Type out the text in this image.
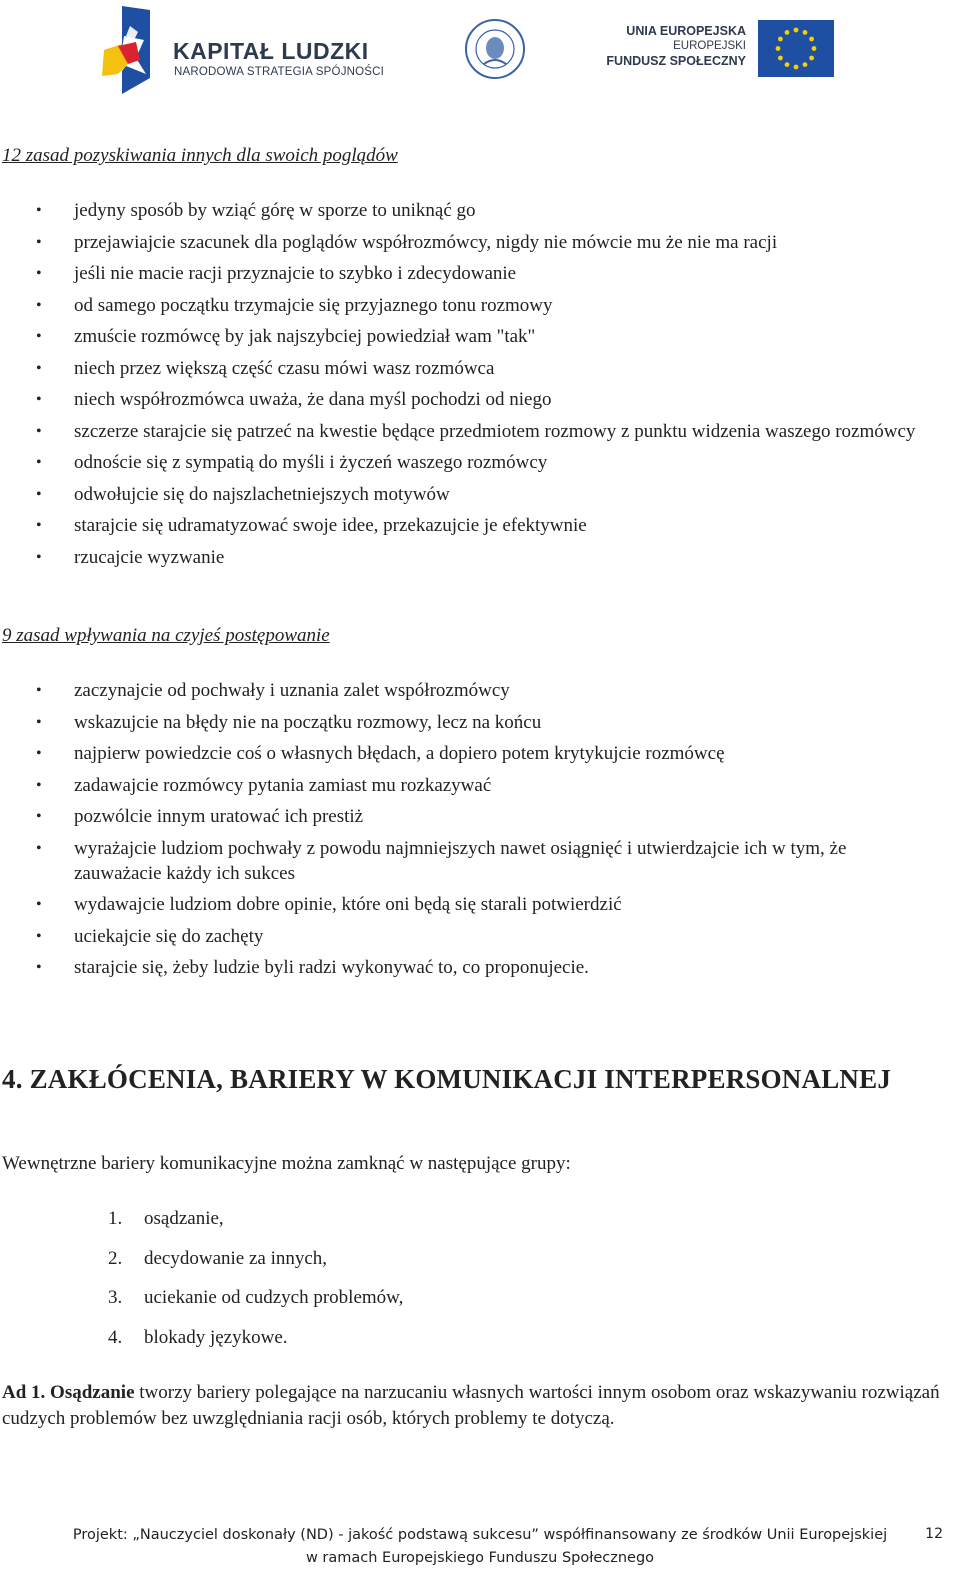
KAPITAŁ LUDZKI
NARODOWA STRATEGIA SPÓJNOŚCI
UNIA EUROPEJSKA
EUROPEJSKI
FUNDUSZ SPOŁECZNY
12 zasad pozyskiwania innych dla swoich poglądów
• jedyny sposób by wziąć górę w sporze to uniknąć go
• przejawiajcie szacunek dla poglądów współrozmówcy, nigdy nie mówcie mu że nie ma racji
• jeśli nie macie racji przyznajcie to szybko i zdecydowanie
• od samego początku trzymajcie się przyjaznego tonu rozmowy
• zmuście rozmówcę by jak najszybciej powiedział wam "tak"
• niech przez większą część czasu mówi wasz rozmówca
• niech współrozmówca uważa, że dana myśl pochodzi od niego
• szczerze starajcie się patrzeć na kwestie będące przedmiotem rozmowy z punktu widzenia waszego rozmówcy
• odnoście się z sympatią do myśli i życzeń waszego rozmówcy
• odwołujcie się do najszlachetniejszych motywów
• starajcie się udramatyzować swoje idee, przekazujcie je efektywnie
• rzucajcie wyzwanie
9 zasad wpływania na czyjeś postępowanie
• zaczynajcie od pochwały i uznania zalet współrozmówcy
• wskazujcie na błędy nie na początku rozmowy, lecz na końcu
• najpierw powiedzcie coś o własnych błędach, a dopiero potem krytykujcie rozmówcę
• zadawajcie rozmówcy pytania zamiast mu rozkazywać
• pozwólcie innym uratować ich prestiż
• wyrażajcie ludziom pochwały z powodu najmniejszych nawet osiągnięć i utwierdzajcie ich w tym, że zauważacie każdy ich sukces
• wydawajcie ludziom dobre opinie, które oni będą się starali potwierdzić
• uciekajcie się do zachęty
• starajcie się, żeby ludzie byli radzi wykonywać to, co proponujecie.
4. ZAKŁÓCENIA, BARIERY W KOMUNIKACJI INTERPERSONALNEJ
Wewnętrzne bariery komunikacyjne można zamknąć w następujące grupy:
1. osądzanie,
2. decydowanie za innych,
3. uciekanie od cudzych problemów,
4. blokady językowe.
Ad 1. Osądzanie tworzy bariery polegające na narzucaniu własnych wartości innym osobom oraz wskazywaniu rozwiązań cudzych problemów bez uwzględniania racji osób, których problemy te dotyczą.
Projekt: „Nauczyciel doskonały (ND) - jakość podstawą sukcesu” współfinansowany ze środków Unii Europejskiej
w ramach Europejskiego Funduszu Społecznego
12
